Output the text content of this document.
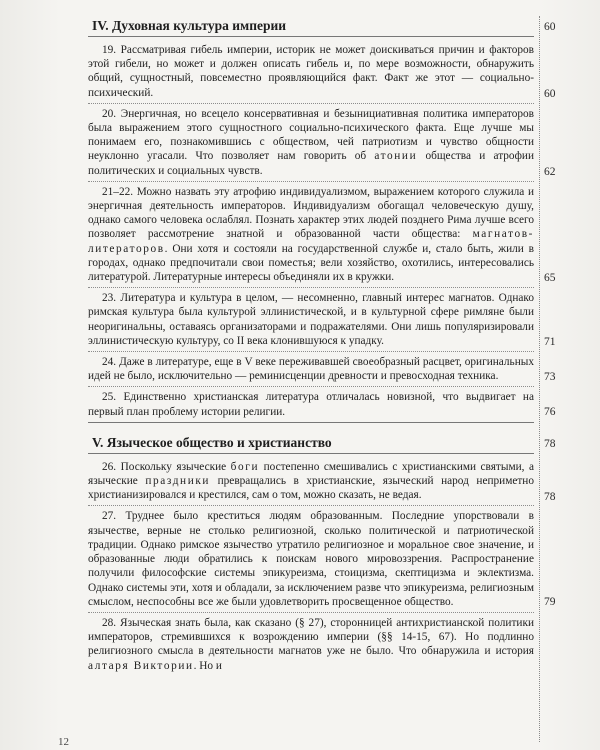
IV. Духовная культура империи

19. Рассматривая гибель империи, историк не может доискиваться причин и факторов этой гибели, но может и должен описать гибель и, по мере возможности, обнаружить общий, сущностный, повсеместно проявляющийся факт. Факт же этот — социально-психический.

20. Энергичная, но всецело консервативная и безынициативная политика императоров была выражением этого сущностного социально-психического факта. Еще лучше мы понимаем его, познакомившись с обществом, чей патриотизм и чувство общности неуклонно угасали. Что позволяет нам говорить об атонии общества и атрофии политических и социальных чувств.

21–22. Можно назвать эту атрофию индивидуализмом, выражением которого служила и энергичная деятельность императоров. Индивидуализм обогащал человеческую душу, однако самого человека ослаблял. Познать характер этих людей позднего Рима лучше всего позволяет рассмотрение знатной и образованной части общества: магнатов-литераторов. Они хотя и состояли на государственной службе и, стало быть, жили в городах, однако предпочитали свои поместья; вели хозяйство, охотились, интересовались литературой. Литературные интересы объединяли их в кружки.

23. Литература и культура в целом, — несомненно, главный интерес магнатов. Однако римская культура была культурой эллинистической, и в культурной сфере римляне были неоригинальны, оставаясь организаторами и подражателями. Они лишь популяризировали эллинистическую культуру, со II века клонившуюся к упадку.

24. Даже в литературе, еще в V веке переживавшей своеобразный расцвет, оригинальных идей не было, исключительно — реминисценции древности и превосходная техника.

25. Единственно христианская литература отличалась новизной, что выдвигает на первый план проблему истории религии.

V. Языческое общество и христианство

26. Поскольку языческие боги постепенно смешивались с христианскими святыми, а языческие праздники превращались в христианские, языческий народ неприметно христианизировался и крестился, сам о том, можно сказать, не ведая.

27. Труднее было креститься людям образованным. Последние упорствовали в язычестве, верные не столько религиозной, сколько политической и патриотической традиции. Однако римское язычество утратило религиозное и моральное свое значение, и образованные люди обратились к поискам нового мировоззрения. Распространение получили философские системы эпикуреизма, стоицизма, скептицизма и эклектизма. Однако системы эти, хотя и обладали, за исключением разве что эпикуреизма, религиозным смыслом, неспособны все же были удовлетворить просвещенное общество.

28. Языческая знать была, как сказано (§ 27), сторонницей антихристианской политики императоров, стремившихся к возрождению империи (§§ 14-15, 67). Но подлинно религиозного смысла в деятельности магнатов уже не было. Что обнаружила и история алтаря Виктории. Но и

60
60
62
65
71
73
76
78
78
79
12
